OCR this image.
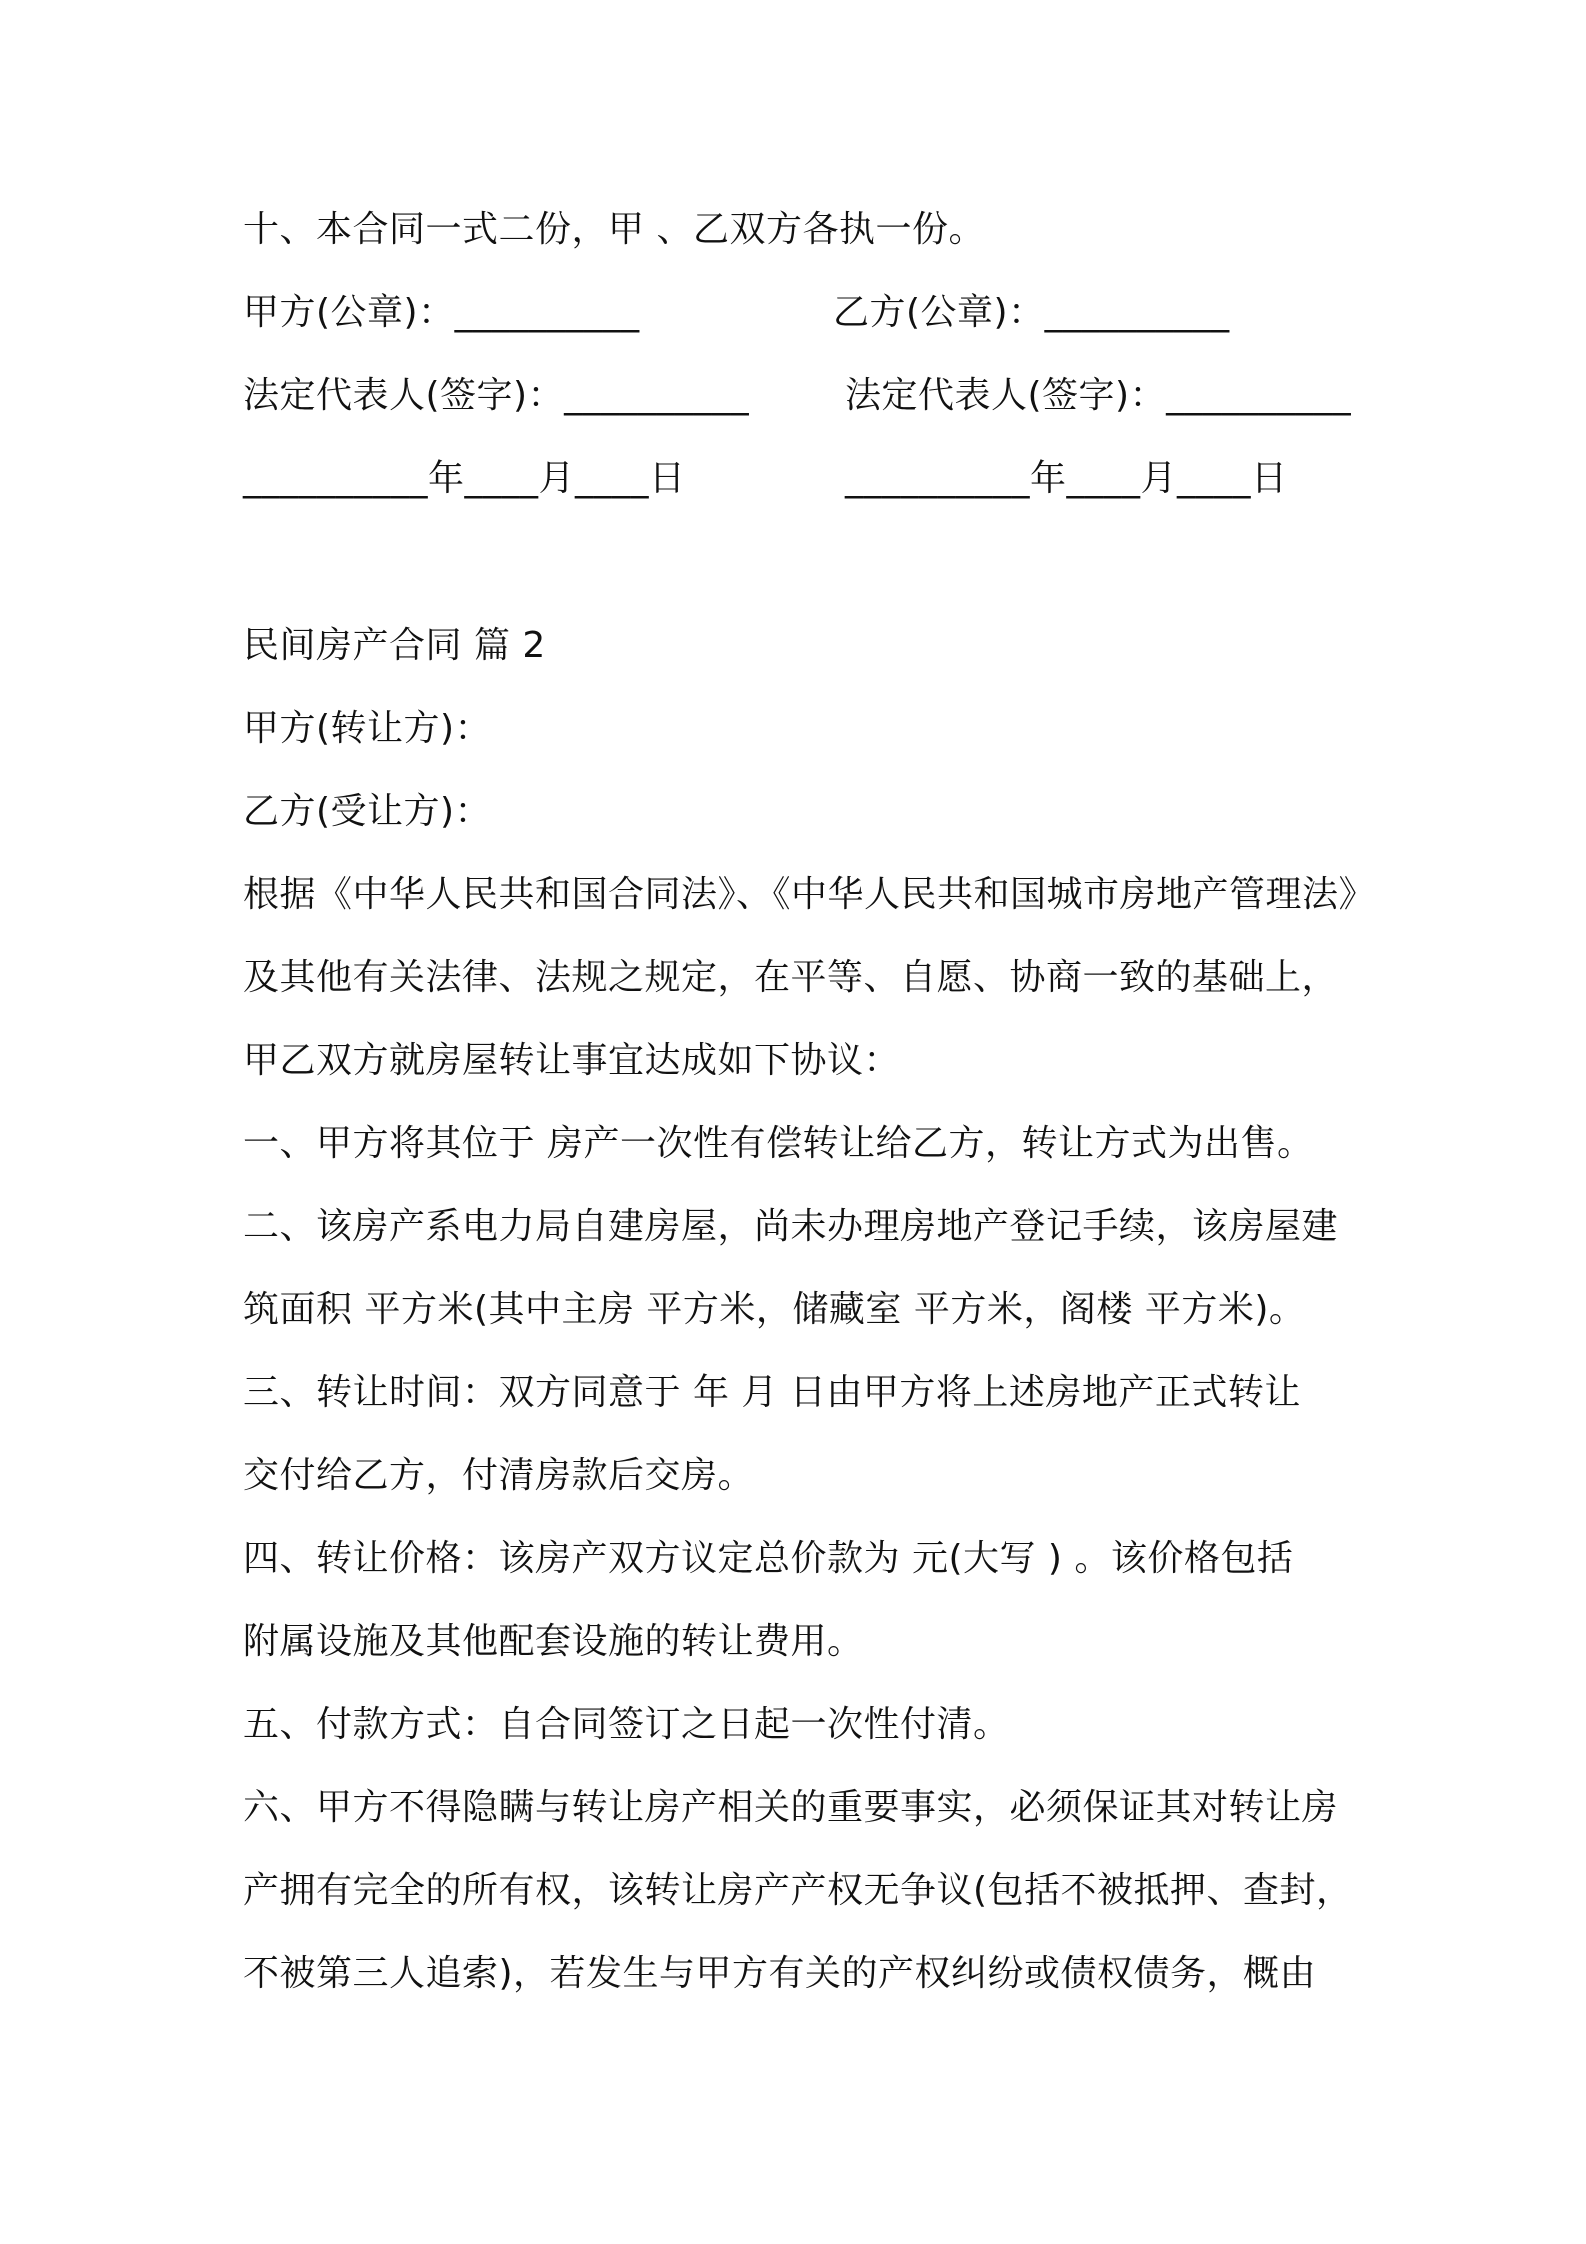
十、本合同一式二份，甲 、乙双方各执一份。
甲方(公章)：__________	乙方(公章)：__________
法定代表人(签字)：__________	法定代表人(签字)：__________
__________年____月____日	__________年____月____日
民间房产合同 篇 2
甲方(转让方)：
乙方(受让方)：
根据《中华人民共和国合同法》、《中华人民共和国城市房地产管理法》
及其他有关法律、法规之规定，在平等、自愿、协商一致的基础上，
甲乙双方就房屋转让事宜达成如下协议：
一、甲方将其位于 房产一次性有偿转让给乙方，转让方式为出售。
二、该房产系电力局自建房屋，尚未办理房地产登记手续，该房屋建
筑面积 平方米(其中主房 平方米，储藏室 平方米，阁楼 平方米)。
三、转让时间：双方同意于 年 月 日由甲方将上述房地产正式转让
交付给乙方，付清房款后交房。
四、转让价格：该房产双方议定总价款为 元(大写 ) 。该价格包括
附属设施及其他配套设施的转让费用。
五、付款方式：自合同签订之日起一次性付清。
六、甲方不得隐瞒与转让房产相关的重要事实，必须保证其对转让房
产拥有完全的所有权，该转让房产产权无争议(包括不被抵押、查封，
不被第三人追索)，若发生与甲方有关的产权纠纷或债权债务，概由
